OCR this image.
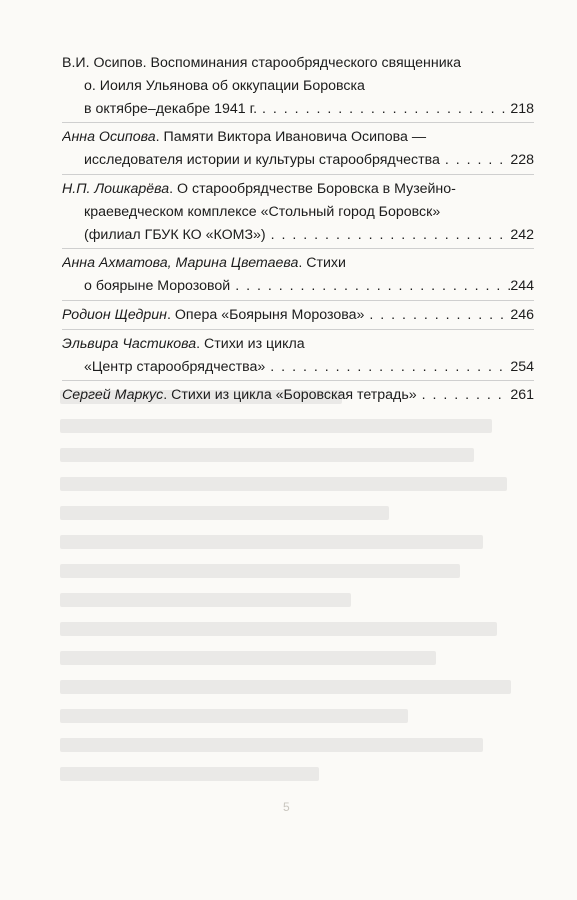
В.И. Осипов. Воспоминания старообрядческого священника
о. Иоиля Ульянова об оккупации Боровска
в октябре–декабре 1941 г. . . .	218
Анна Осипова. Памяти Виктора Ивановича Осипова —
исследователя истории и культуры старообрядчества . . .	228
Н.П. Лошкарёва. О старообрядчестве Боровска в Музейно-
краеведческом комплексе «Стольный город Боровск»
(филиал ГБУК КО «КОМЗ») . . .	242
Анна Ахматова, Марина Цветаева. Стихи
о боярыне Морозовой . . .	244
Родион Щедрин. Опера «Боярыня Морозова» . . .	246
Эльвира Частикова. Стихи из цикла
«Центр старообрядчества» . . .	254
Сергей Маркус. Стихи из цикла «Боровская тетрадь» . . .	261
5
